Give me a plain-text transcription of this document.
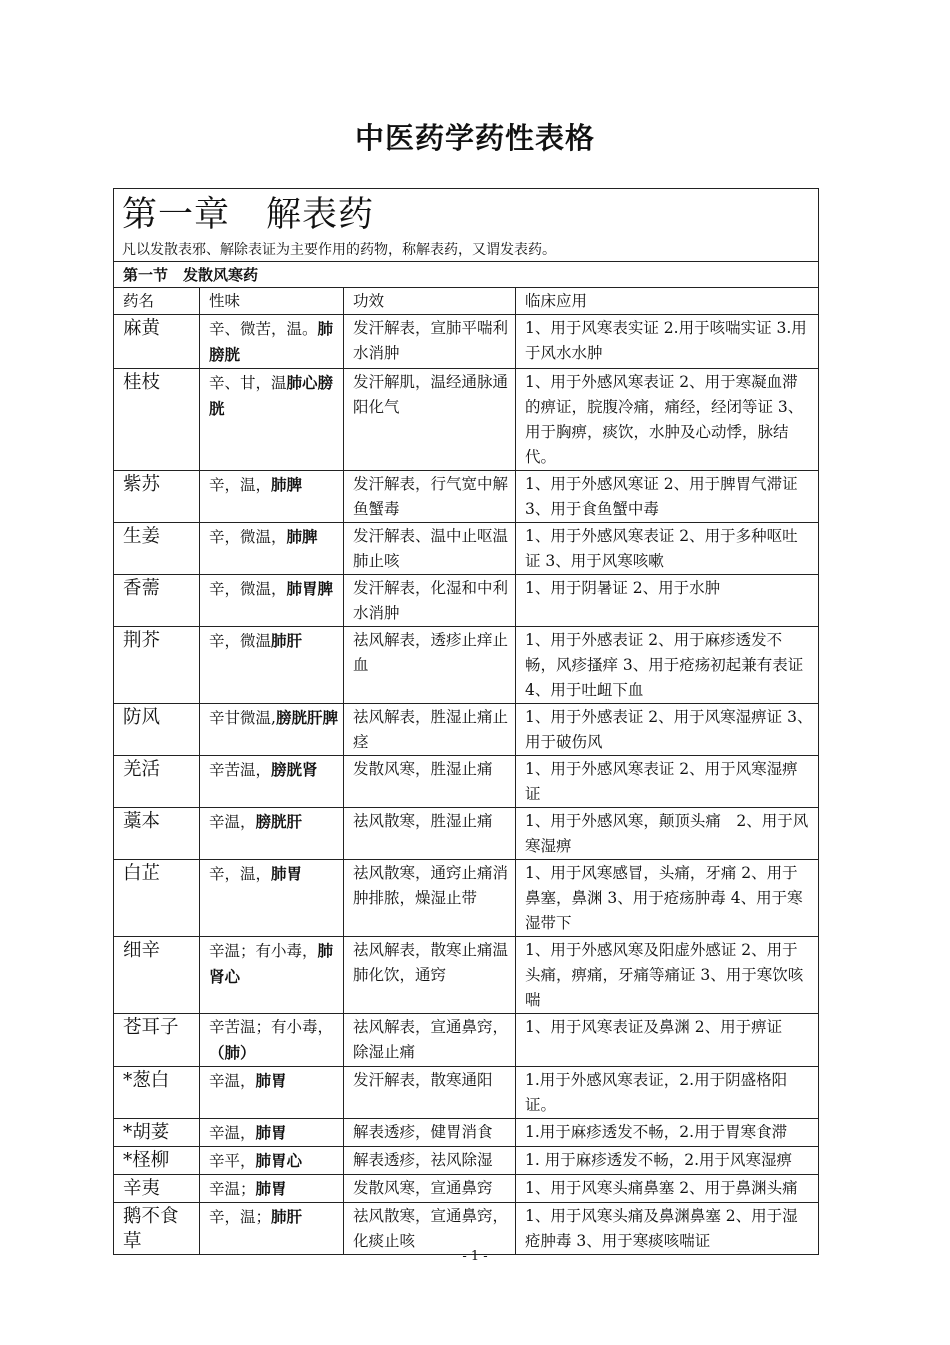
中医药学药性表格
第一章　解表药
凡以发散表邪、解除表证为主要作用的药物，称解表药，又谓发表药。			

第一节　发散风寒药			
药名	性味	功效	临床应用
麻黄	辛、微苦，温。肺膀胱	发汗解表，宣肺平喘利水消肿	1、用于风寒表实证 2.用于咳喘实证 3.用于风水水肿
桂枝	辛、甘，温肺心膀胱	发汗解肌，温经通脉通阳化气	1、用于外感风寒表证 2、用于寒凝血滞的痹证，脘腹冷痛，痛经，经闭等证 3、用于胸痹，痰饮，水肿及心动悸，脉结代。
紫苏	辛，温，肺脾	发汗解表，行气宽中解鱼蟹毒	1、用于外感风寒证 2、用于脾胃气滞证 3、用于食鱼蟹中毒
生姜	辛，微温，肺脾	发汗解表、温中止呕温肺止咳	1、用于外感风寒表证 2、用于多种呕吐证 3、用于风寒咳嗽
香薷	辛，微温，肺胃脾	发汗解表，化湿和中利水消肿	1、用于阴暑证 2、用于水肿
荆芥	辛，微温肺肝	祛风解表，透疹止痒止血	1、用于外感表证 2、用于麻疹透发不畅，风疹搔痒 3、用于疮疡初起兼有表证 4、用于吐衄下血
防风	辛甘微温,膀胱肝脾	祛风解表，胜湿止痛止痉	1、用于外感表证 2、用于风寒湿痹证 3、用于破伤风
羌活	辛苦温，膀胱肾	发散风寒，胜湿止痛	1、用于外感风寒表证 2、用于风寒湿痹证
藁本	辛温，膀胱肝	祛风散寒，胜湿止痛	1、用于外感风寒，颠顶头痛　2、用于风寒湿痹
白芷	辛，温，肺胃	祛风散寒，通窍止痛消肿排脓，燥湿止带	1、用于风寒感冒，头痛，牙痛 2、用于鼻塞，鼻渊 3、用于疮疡肿毒 4、用于寒湿带下
细辛	辛温；有小毒，肺肾心	祛风解表，散寒止痛温肺化饮，通窍	1、用于外感风寒及阳虚外感证 2、用于头痛，痹痛，牙痛等痛证 3、用于寒饮咳喘
苍耳子	辛苦温；有小毒，（肺）	祛风解表，宣通鼻窍，除湿止痛	1、用于风寒表证及鼻渊 2、用于痹证
*葱白	辛温，肺胃	发汗解表，散寒通阳	1.用于外感风寒表证，2.用于阴盛格阳证。
*胡荽	辛温，肺胃	解表透疹，健胃消食	1.用于麻疹透发不畅，2.用于胃寒食滞
*柽柳	辛平，肺胃心	解表透疹，祛风除湿	1. 用于麻疹透发不畅，2.用于风寒湿痹
辛夷	辛温；肺胃	发散风寒，宣通鼻窍	1、用于风寒头痛鼻塞 2、用于鼻渊头痛
鹅不食草	辛，温；肺肝	祛风散寒，宣通鼻窍，化痰止咳	1、用于风寒头痛及鼻渊鼻塞 2、用于湿疮肿毒 3、用于寒痰咳喘证
- 1 -
